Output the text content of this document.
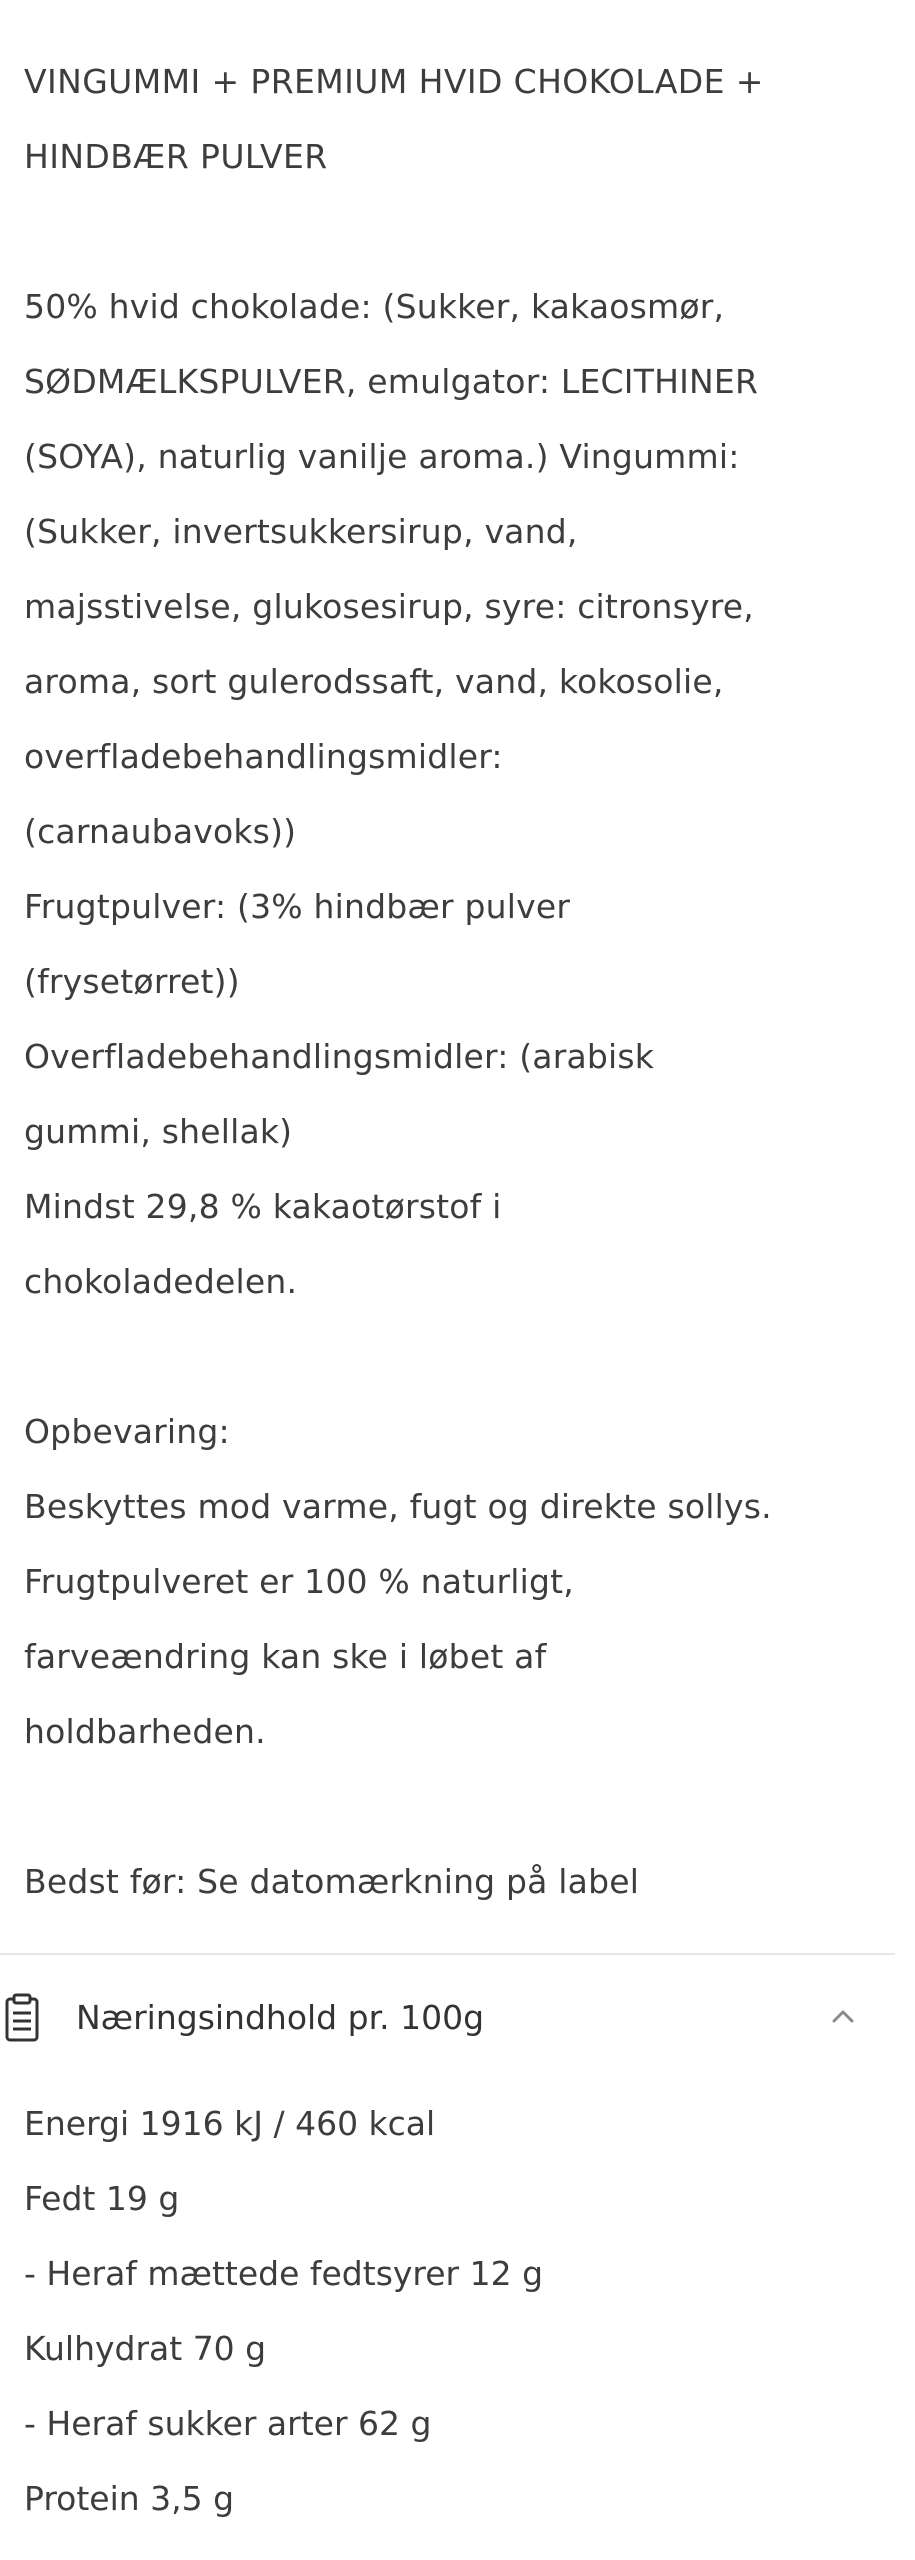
VINGUMMI + PREMIUM HVID CHOKOLADE +
HINDBÆR PULVER

50% hvid chokolade: (Sukker, kakaosmør,
SØDMÆLKSPULVER, emulgator: LECITHINER
(SOYA), naturlig vanilje aroma.) Vingummi:
(Sukker, invertsukkersirup, vand,
majsstivelse, glukosesirup, syre: citronsyre,
aroma, sort gulerodssaft, vand, kokosolie,
overfladebehandlingsmidler:
(carnaubavoks))
Frugtpulver: (3% hindbær pulver
(frysetørret))
Overfladebehandlingsmidler: (arabisk
gummi, shellak)
Mindst 29,8 % kakaotørstof i
chokoladedelen.

Opbevaring:
Beskyttes mod varme, fugt og direkte sollys.
Frugtpulveret er 100 % naturligt,
farveændring kan ske i løbet af
holdbarheden.

Bedst før: Se datomærkning på label

Næringsindhold pr. 100g

Energi 1916 kJ / 460 kcal

Fedt 19 g

- Heraf mættede fedtsyrer 12 g

Kulhydrat 70 g

- Heraf sukker arter 62 g

Protein 3,5 g
